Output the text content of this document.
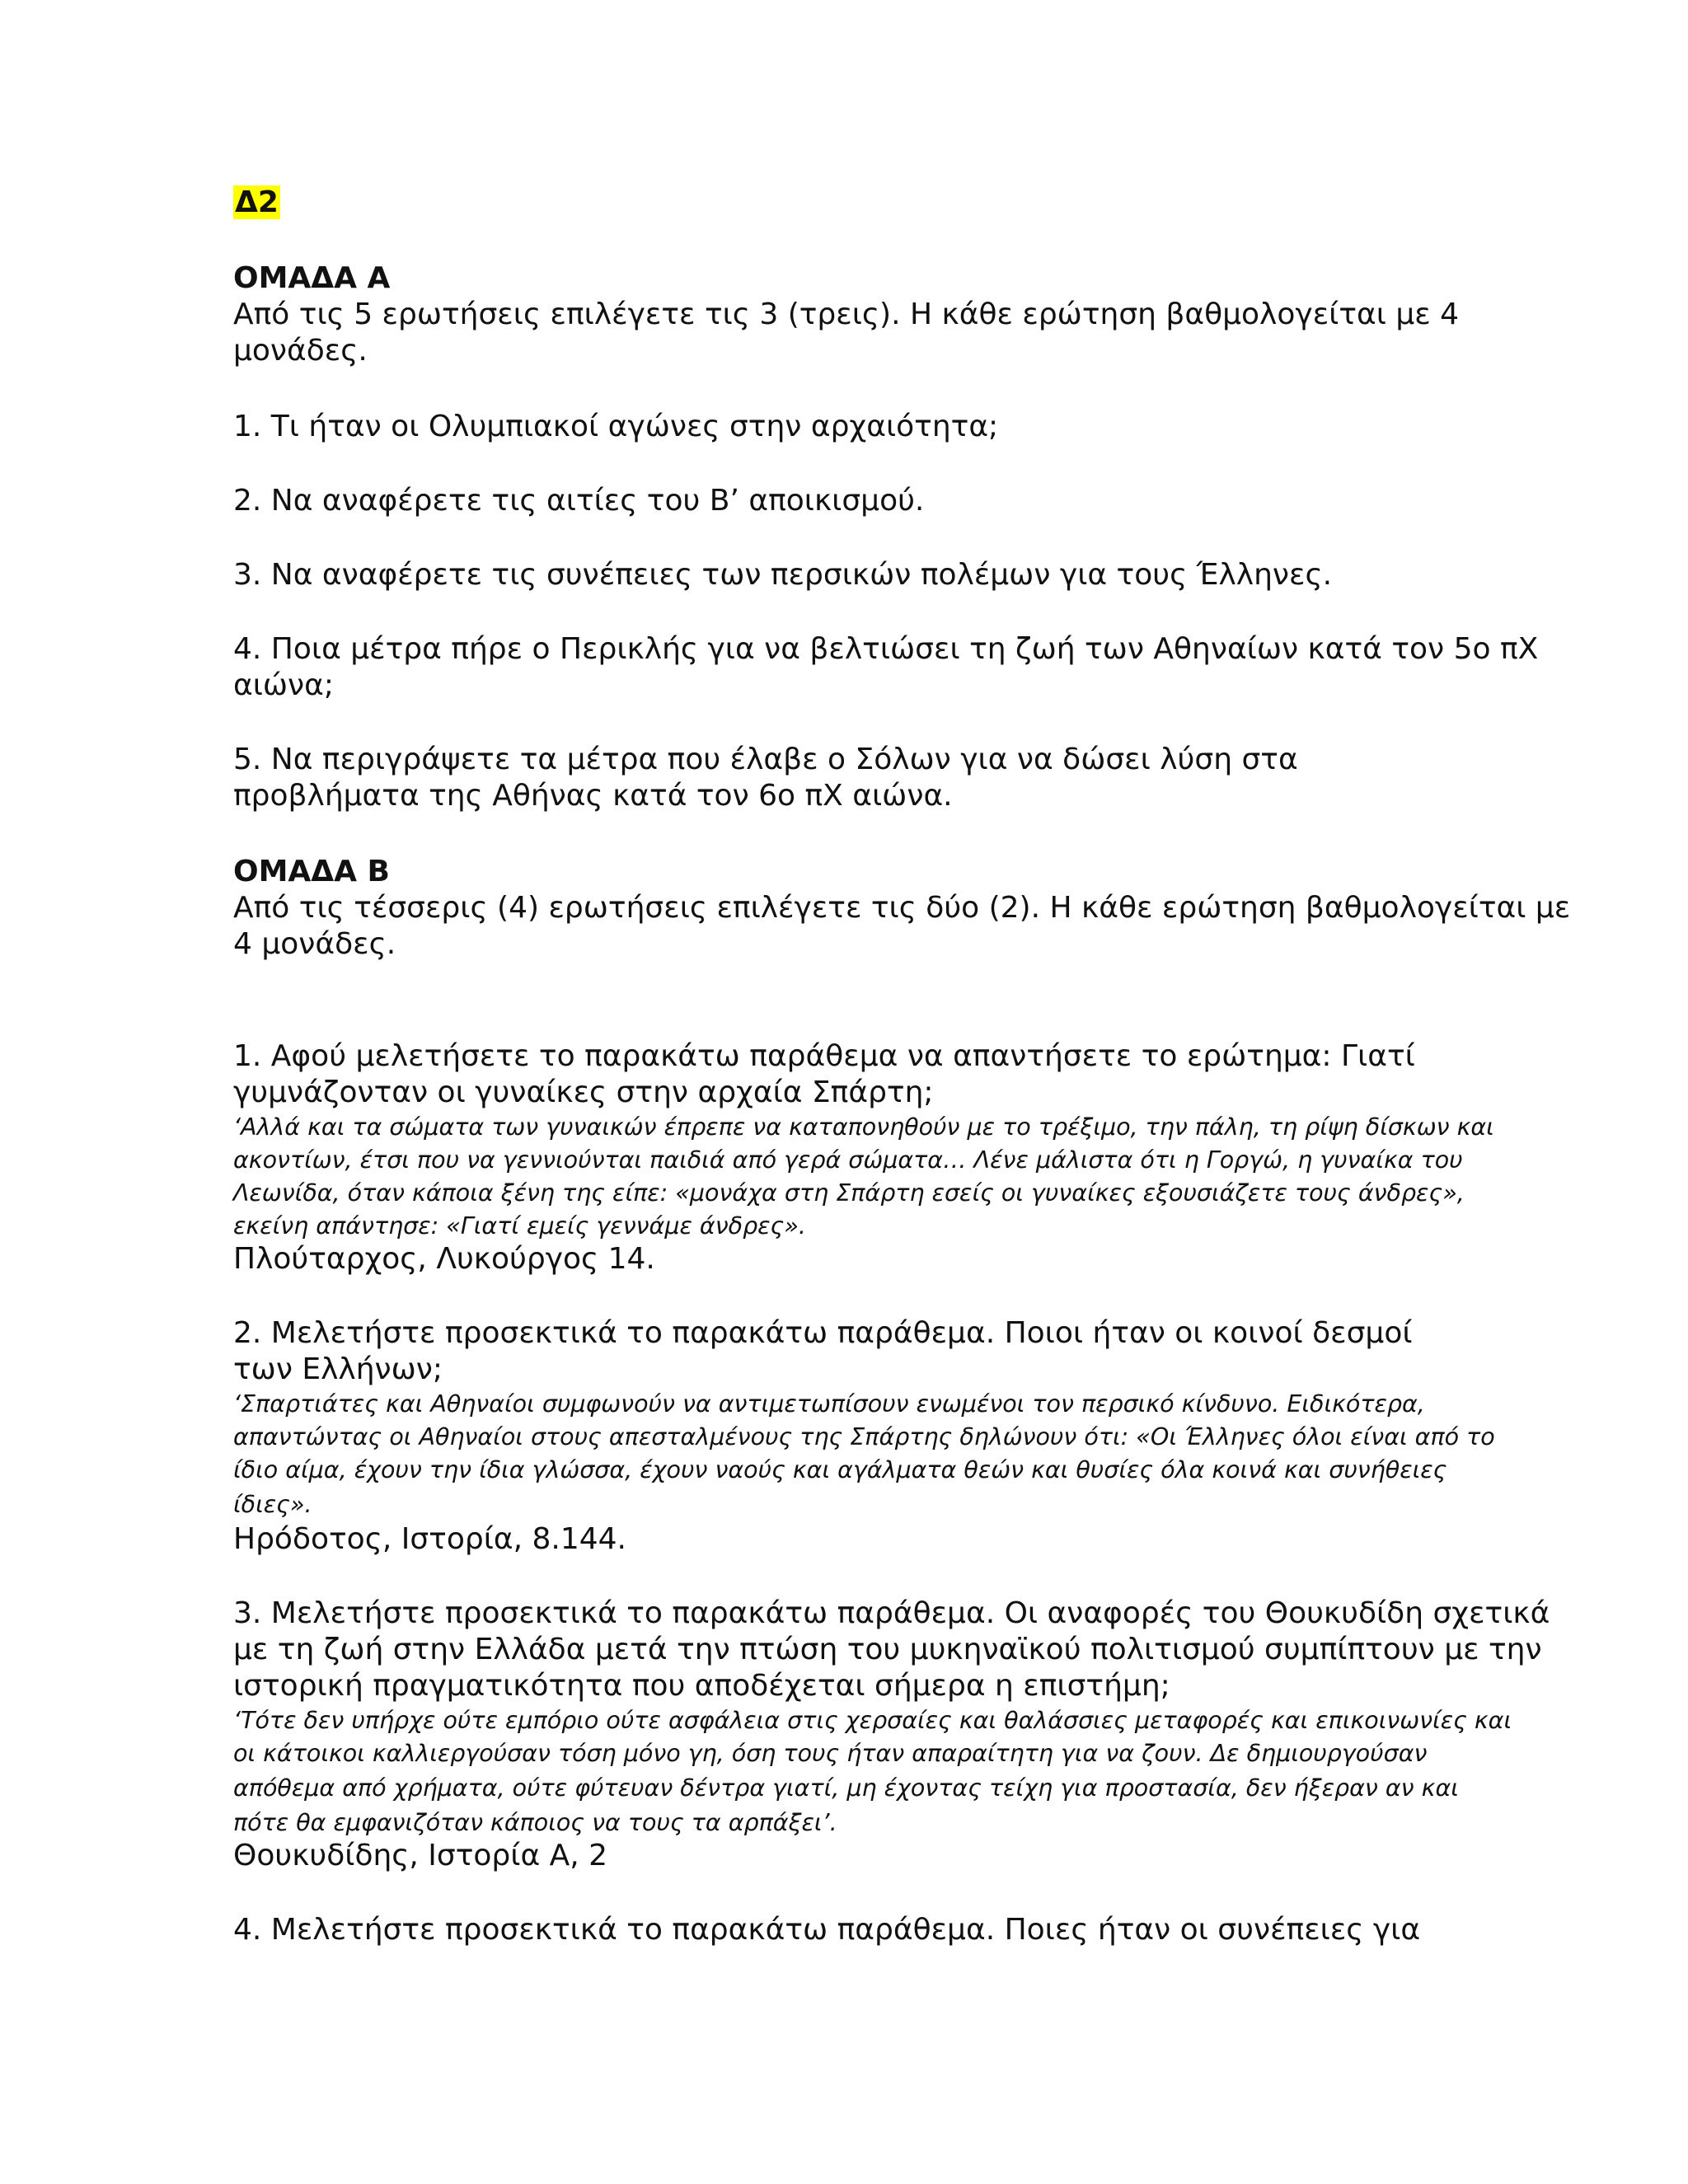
Δ2
ΟΜΑΔΑ Α
Από τις 5 ερωτήσεις επιλέγετε τις 3 (τρεις). Η κάθε ερώτηση βαθμολογείται με 4
μονάδες.
1. Τι ήταν οι Ολυμπιακοί αγώνες στην αρχαιότητα;
2. Να αναφέρετε τις αιτίες του Β’ αποικισμού.
3. Να αναφέρετε τις συνέπειες των περσικών πολέμων για τους Έλληνες.
4. Ποια μέτρα πήρε ο Περικλής για να βελτιώσει τη ζωή των Αθηναίων κατά τον 5ο πΧ
αιώνα;
5. Να περιγράψετε τα μέτρα που έλαβε ο Σόλων για να δώσει λύση στα
προβλήματα της Αθήνας κατά τον 6ο πΧ αιώνα.
ΟΜΑΔΑ Β
Από τις τέσσερις (4) ερωτήσεις επιλέγετε τις δύο (2). Η κάθε ερώτηση βαθμολογείται με
4 μονάδες.
1. Αφού μελετήσετε το παρακάτω παράθεμα να απαντήσετε το ερώτημα: Γιατί
γυμνάζονταν οι γυναίκες στην αρχαία Σπάρτη;
‘Αλλά και τα σώματα των γυναικών έπρεπε να καταπονηθούν με το τρέξιμο, την πάλη, τη ρίψη δίσκων και
ακοντίων, έτσι που να γεννιούνται παιδιά από γερά σώματα… Λένε μάλιστα ότι η Γοργώ, η γυναίκα του
Λεωνίδα, όταν κάποια ξένη της είπε: «μονάχα στη Σπάρτη εσείς οι γυναίκες εξουσιάζετε τους άνδρες»,
εκείνη απάντησε: «Γιατί εμείς γεννάμε άνδρες».
Πλούταρχος, Λυκούργος 14.
2. Μελετήστε προσεκτικά το παρακάτω παράθεμα. Ποιοι ήταν οι κοινοί δεσμοί
των Ελλήνων;
‘Σπαρτιάτες και Αθηναίοι συμφωνούν να αντιμετωπίσουν ενωμένοι τον περσικό κίνδυνο. Ειδικότερα,
απαντώντας οι Αθηναίοι στους απεσταλμένους της Σπάρτης δηλώνουν ότι: «Οι Έλληνες όλοι είναι από το
ίδιο αίμα, έχουν την ίδια γλώσσα, έχουν ναούς και αγάλματα θεών και θυσίες όλα κοινά και συνήθειες
ίδιες».
Ηρόδοτος, Ιστορία, 8.144.
3. Μελετήστε προσεκτικά το παρακάτω παράθεμα. Οι αναφορές του Θουκυδίδη σχετικά
με τη ζωή στην Ελλάδα μετά την πτώση του μυκηναϊκού πολιτισμού συμπίπτουν με την
ιστορική πραγματικότητα που αποδέχεται σήμερα η επιστήμη;
‘Τότε δεν υπήρχε ούτε εμπόριο ούτε ασφάλεια στις χερσαίες και θαλάσσιες μεταφορές και επικοινωνίες και
οι κάτοικοι καλλιεργούσαν τόση μόνο γη, όση τους ήταν απαραίτητη για να ζουν. Δε δημιουργούσαν
απόθεμα από χρήματα, ούτε φύτευαν δέντρα γιατί, μη έχοντας τείχη για προστασία, δεν ήξεραν αν και
πότε θα εμφανιζόταν κάποιος να τους τα αρπάξει’.
Θουκυδίδης, Ιστορία Α, 2
4. Μελετήστε προσεκτικά το παρακάτω παράθεμα. Ποιες ήταν οι συνέπειες για
